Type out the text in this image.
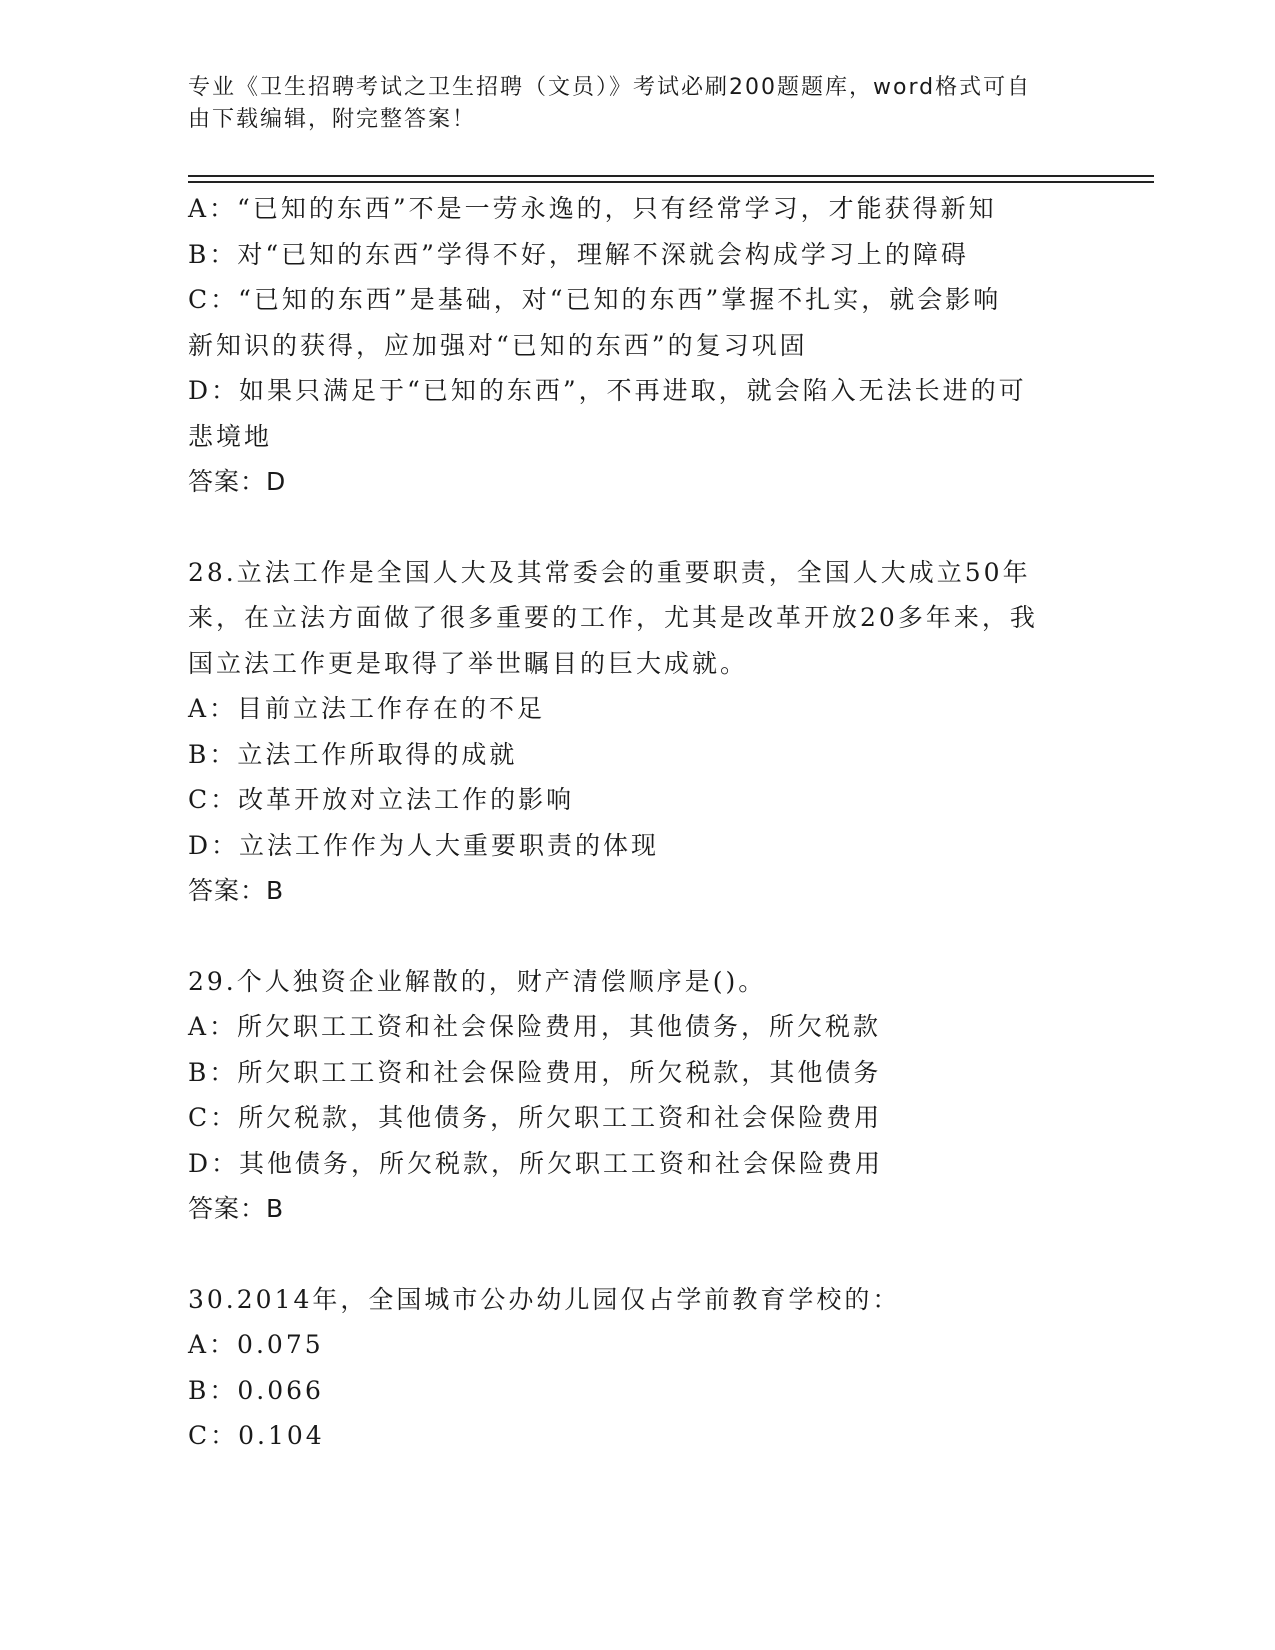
专业《卫生招聘考试之卫生招聘（文员）》考试必刷200题题库，word格式可自

由下载编辑，附完整答案！

A：“已知的东西”不是一劳永逸的，只有经常学习，才能获得新知

B：对“已知的东西”学得不好，理解不深就会构成学习上的障碍

C：“已知的东西”是基础，对“已知的东西”掌握不扎实，就会影响

新知识的获得，应加强对“已知的东西”的复习巩固

D：如果只满足于“已知的东西”，不再进取，就会陷入无法长进的可

悲境地

答案：D

28.立法工作是全国人大及其常委会的重要职责，全国人大成立50年

来，在立法方面做了很多重要的工作，尤其是改革开放20多年来，我

国立法工作更是取得了举世瞩目的巨大成就。

A：目前立法工作存在的不足

B：立法工作所取得的成就

C：改革开放对立法工作的影响

D：立法工作作为人大重要职责的体现

答案：B

29.个人独资企业解散的，财产清偿顺序是()。

A：所欠职工工资和社会保险费用，其他债务，所欠税款

B：所欠职工工资和社会保险费用，所欠税款，其他债务

C：所欠税款，其他债务，所欠职工工资和社会保险费用

D：其他债务，所欠税款，所欠职工工资和社会保险费用

答案：B

30.2014年，全国城市公办幼儿园仅占学前教育学校的：

A：0.075

B：0.066

C：0.104
